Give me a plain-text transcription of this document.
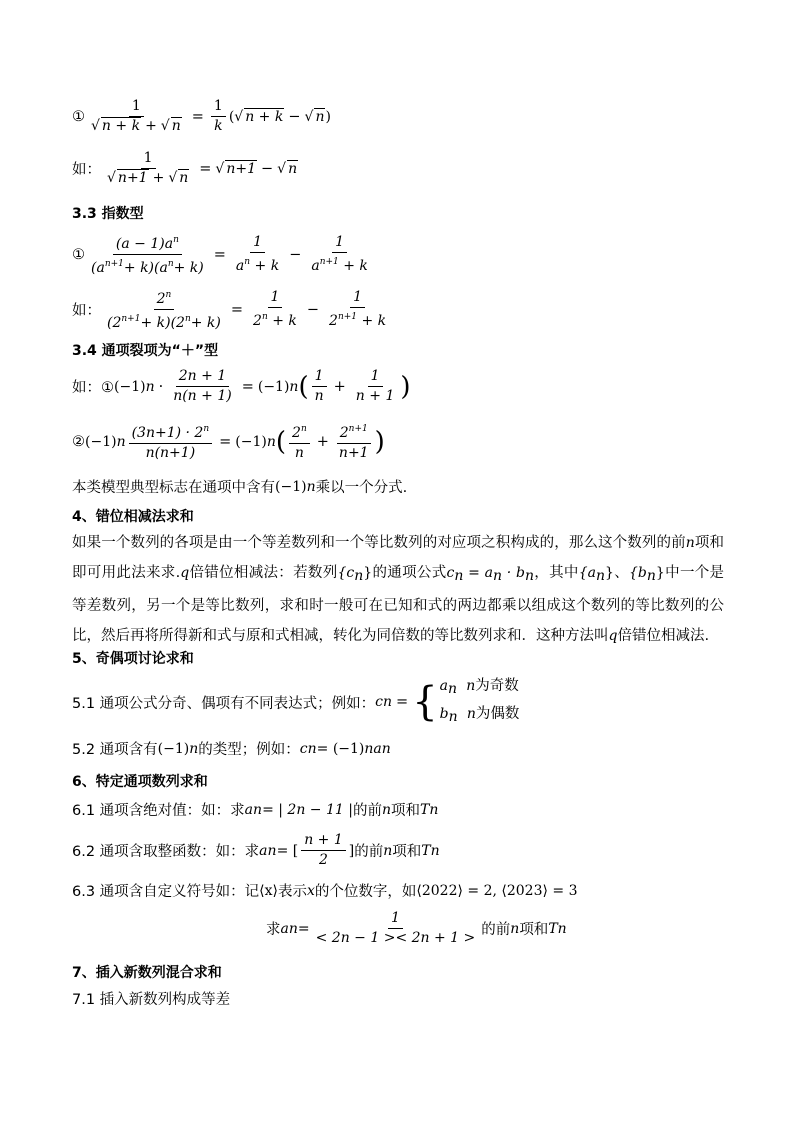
① $\frac{1}{√ n + k + √ n} = \frac{1}{k}$ ( √ n + k − √ n )
如： $\frac{1}{√ n+1 + √ n}$ = √ n+1 − √ n
3.3 指数型
① $\frac{(a - 1)a^n}{(a^{n+1}+ k)(a^n+ k)} = \frac{1}{a^n + k} - \frac{1}{a^{n+1} + k}$
如： $\frac{2^n}{(2^{n+1}+ k)(2^n+ k)} = \frac{1}{2^n + k} - \frac{1}{2^{n+1} + k}$
3.4 通项裂项为“＋”型
如：① (−1) $n \cdot \frac{2n + 1}{n(n + 1)} = (-1)$ n ( $\frac{1}{n} + \frac{1}{n + 1}$ )
② (−1) n $\frac{(3n+1) \cdot 2^n}{n(n+1)} = (-1)$ n ( $\frac{2^n}{n} + \frac{2^{n+1}}{n+1}$ )
本类模型典型标志在通项中含有 (−1) n 乘以一个分式.
4、错位相减法求和
如果一个数列的各项是由一个等差数列和一个等比数列的对应项之积构成的，那么这个数列的前n项和即可用此法来求.q倍错位相减法：若数列$\{c_n\}$的通项公式$c_n = a_n \cdot b_n$，其中$\{a_n\}$、$\{b_n\}$中一个是等差数列，另一个是等比数列，求和时一般可在已知和式的两边都乘以组成这个数列的等比数列的公比，然后再将所得新和式与原和式相减，转化为同倍数的等比数列求和．这种方法叫q倍错位相减法.
5、奇偶项讨论求和
5.1 通项公式分奇、偶项有不同表达式；例如： c n = { $a_n$ n为奇数
$b_n$ n为偶数
5.2 通项含有 (−1) n 的类型；例如： c n = (−1) n a n
6、特定通项数列求和
6.1 通项含绝对值：如：求 a n = | 2n − 11 | 的前 n 项和 T n
6.2 通项含取整函数：如：求 a n = [ $\frac{n + 1}{2}$ ] 的前 n 项和 T n
6.3 通项含自定义符号如：记 ⟨x⟩ 表示 x 的个位数字，如 ⟨2022⟩ = 2, ⟨2023⟩ = 3
求 a $n = \frac{1}{< 2n - 1 >< 2n + 1 >}$ 的前 n 项和 T n
7、插入新数列混合求和
7.1 插入新数列构成等差
